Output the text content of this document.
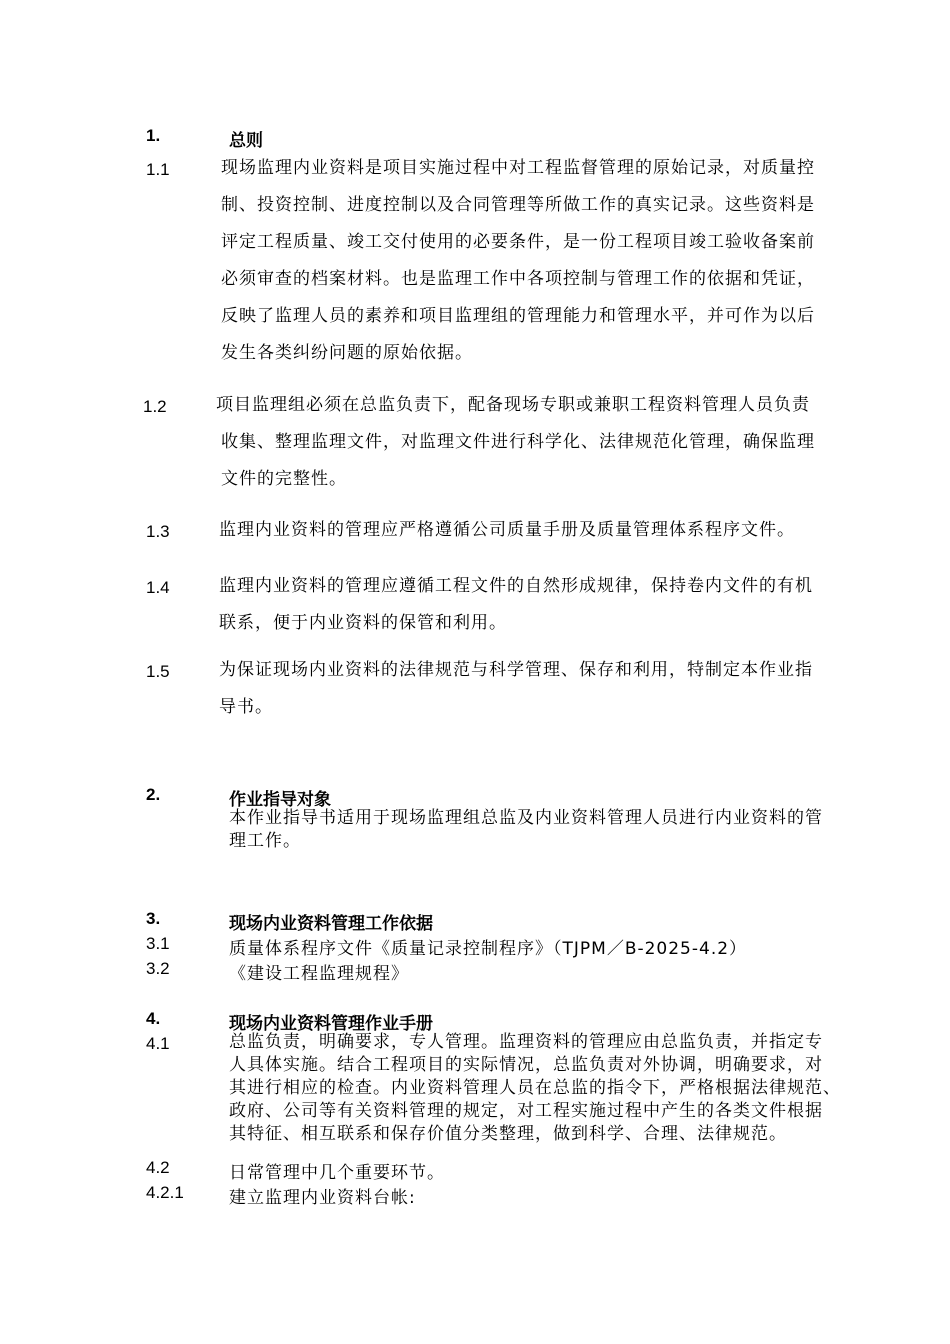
1.	总则
1.1	现场监理内业资料是项目实施过程中对工程监督管理的原始记录，对质量控
制、投资控制、进度控制以及合同管理等所做工作的真实记录。这些资料是
评定工程质量、竣工交付使用的必要条件，是一份工程项目竣工验收备案前
必须审查的档案材料。也是监理工作中各项控制与管理工作的依据和凭证，
反映了监理人员的素养和项目监理组的管理能力和管理水平，并可作为以后
发生各类纠纷问题的原始依据。
1.2	项目监理组必须在总监负责下，配备现场专职或兼职工程资料管理人员负责
收集、整理监理文件，对监理文件进行科学化、法律规范化管理，确保监理
文件的完整性。
1.3	监理内业资料的管理应严格遵循公司质量手册及质量管理体系程序文件。
1.4	监理内业资料的管理应遵循工程文件的自然形成规律，保持卷内文件的有机
联系，便于内业资料的保管和利用。
1.5	为保证现场内业资料的法律规范与科学管理、保存和利用，特制定本作业指
导书。
2.	作业指导对象
本作业指导书适用于现场监理组总监及内业资料管理人员进行内业资料的管
理工作。
3.	现场内业资料管理工作依据
3.1	质量体系程序文件《质量记录控制程序》（TJPM／B-2025-4.2）
3.2	《建设工程监理规程》
4.	现场内业资料管理作业手册
4.1	总监负责，明确要求，专人管理。监理资料的管理应由总监负责，并指定专
人具体实施。结合工程项目的实际情况，总监负责对外协调，明确要求，对
其进行相应的检查。内业资料管理人员在总监的指令下，严格根据法律规范、
政府、公司等有关资料管理的规定，对工程实施过程中产生的各类文件根据
其特征、相互联系和保存价值分类整理，做到科学、合理、法律规范。
4.2	日常管理中几个重要环节。
4.2.1	建立监理内业资料台帐:
